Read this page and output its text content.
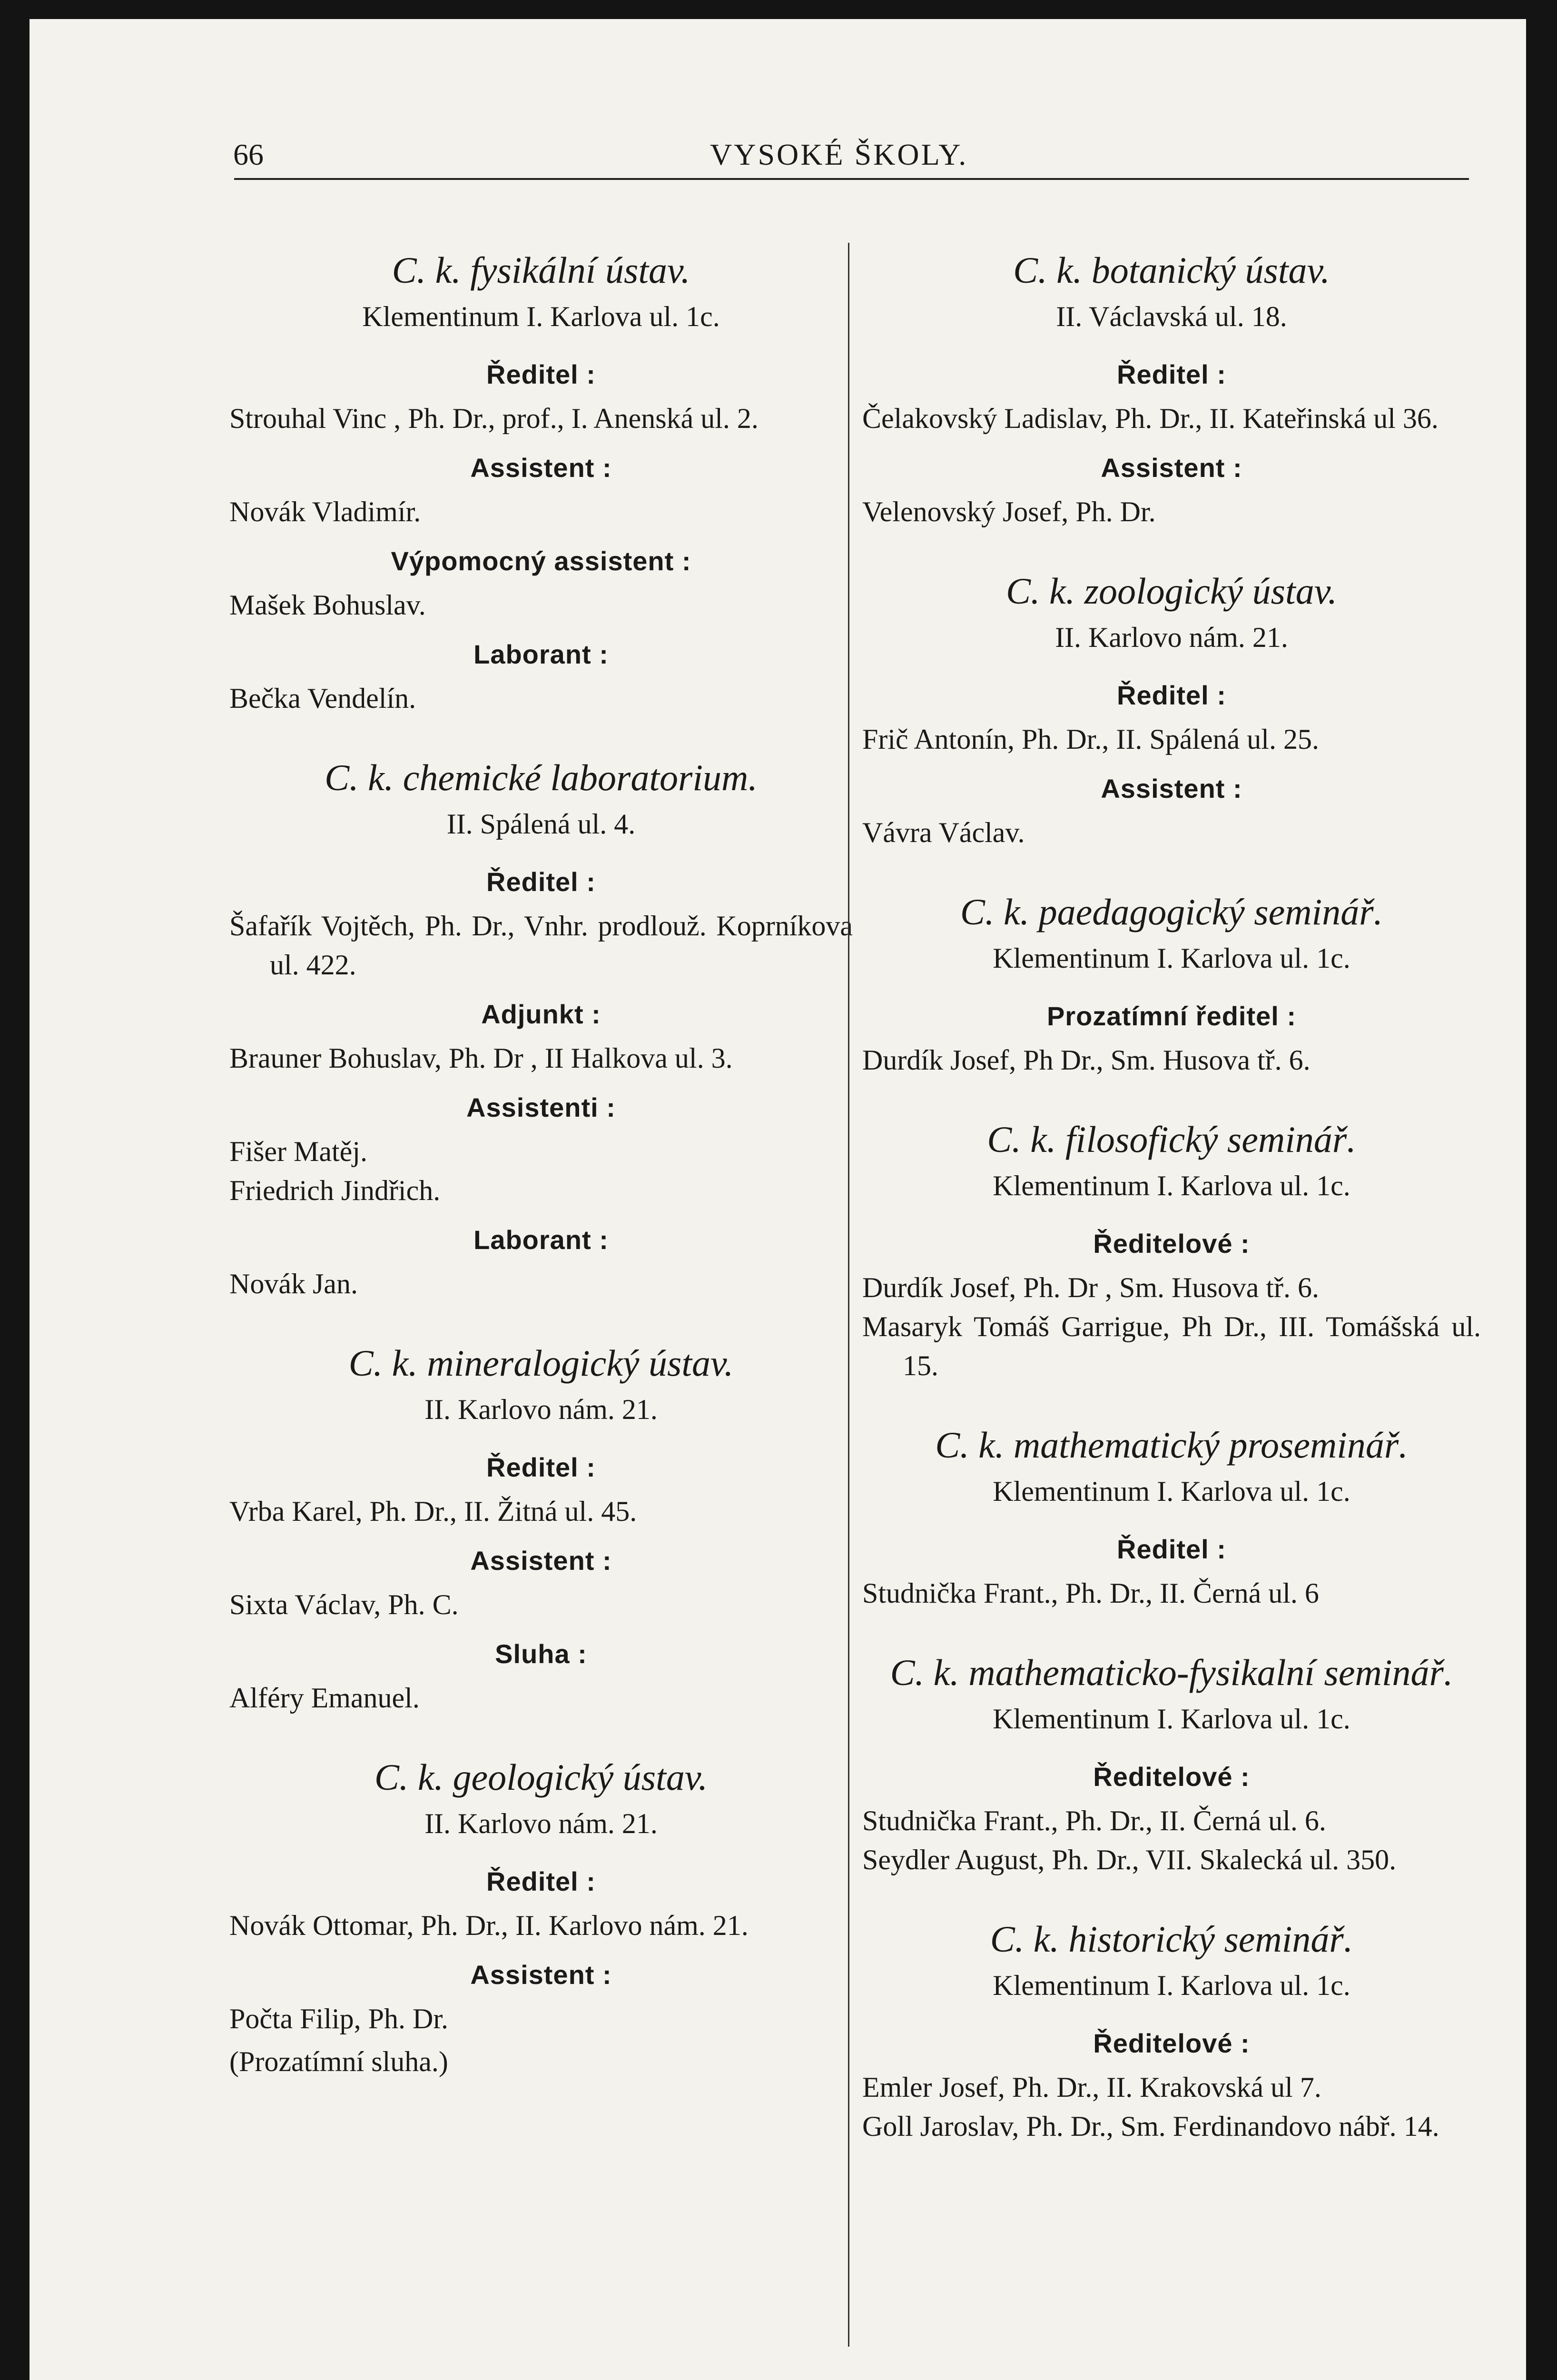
66	VYSOKÉ ŠKOLY.
C. k. fysikální ústav.
Klementinum I. Karlova ul. 1c.
Ředitel :
Strouhal Vinc , Ph. Dr., prof., I. Anenská ul. 2.
Assistent :
Novák Vladimír.
Výpomocný assistent :
Mašek Bohuslav.
Laborant :
Bečka Vendelín.
C. k. chemické laboratorium.
II. Spálená ul. 4.
Ředitel :
Šafařík Vojtěch, Ph. Dr., Vnhr. prodlouž. Koprníkova ul. 422.
Adjunkt :
Brauner Bohuslav, Ph. Dr , II Halkova ul. 3.
Assistenti :
Fišer Matěj.
Friedrich Jindřich.
Laborant :
Novák Jan.
C. k. mineralogický ústav.
II. Karlovo nám. 21.
Ředitel :
Vrba Karel, Ph. Dr., II. Žitná ul. 45.
Assistent :
Sixta Václav, Ph. C.
Sluha :
Alféry Emanuel.
C. k. geologický ústav.
II. Karlovo nám. 21.
Ředitel :
Novák Ottomar, Ph. Dr., II. Karlovo nám. 21.
Assistent :
Počta Filip, Ph. Dr.
(Prozatímní sluha.)
C. k. botanický ústav.
II. Václavská ul. 18.
Ředitel :
Čelakovský Ladislav, Ph. Dr., II. Kateřinská ul 36.
Assistent :
Velenovský Josef, Ph. Dr.
C. k. zoologický ústav.
II. Karlovo nám. 21.
Ředitel :
Frič Antonín, Ph. Dr., II. Spálená ul. 25.
Assistent :
Vávra Václav.
C. k. paedagogický seminář.
Klementinum I. Karlova ul. 1c.
Prozatímní ředitel :
Durdík Josef, Ph Dr., Sm. Husova tř. 6.
C. k. filosofický seminář.
Klementinum I. Karlova ul. 1c.
Ředitelové :
Durdík Josef, Ph. Dr , Sm. Husova tř. 6.
Masaryk Tomáš Garrigue, Ph Dr., III. Tomášská ul. 15.
C. k. mathematický proseminář.
Klementinum I. Karlova ul. 1c.
Ředitel :
Studnička Frant., Ph. Dr., II. Černá ul. 6
C. k. mathematicko-fysikalní seminář.
Klementinum I. Karlova ul. 1c.
Ředitelové :
Studnička Frant., Ph. Dr., II. Černá ul. 6.
Seydler August, Ph. Dr., VII. Skalecká ul. 350.
C. k. historický seminář.
Klementinum I. Karlova ul. 1c.
Ředitelové :
Emler Josef, Ph. Dr., II. Krakovská ul 7.
Goll Jaroslav, Ph. Dr., Sm. Ferdinandovo nábř. 14.
